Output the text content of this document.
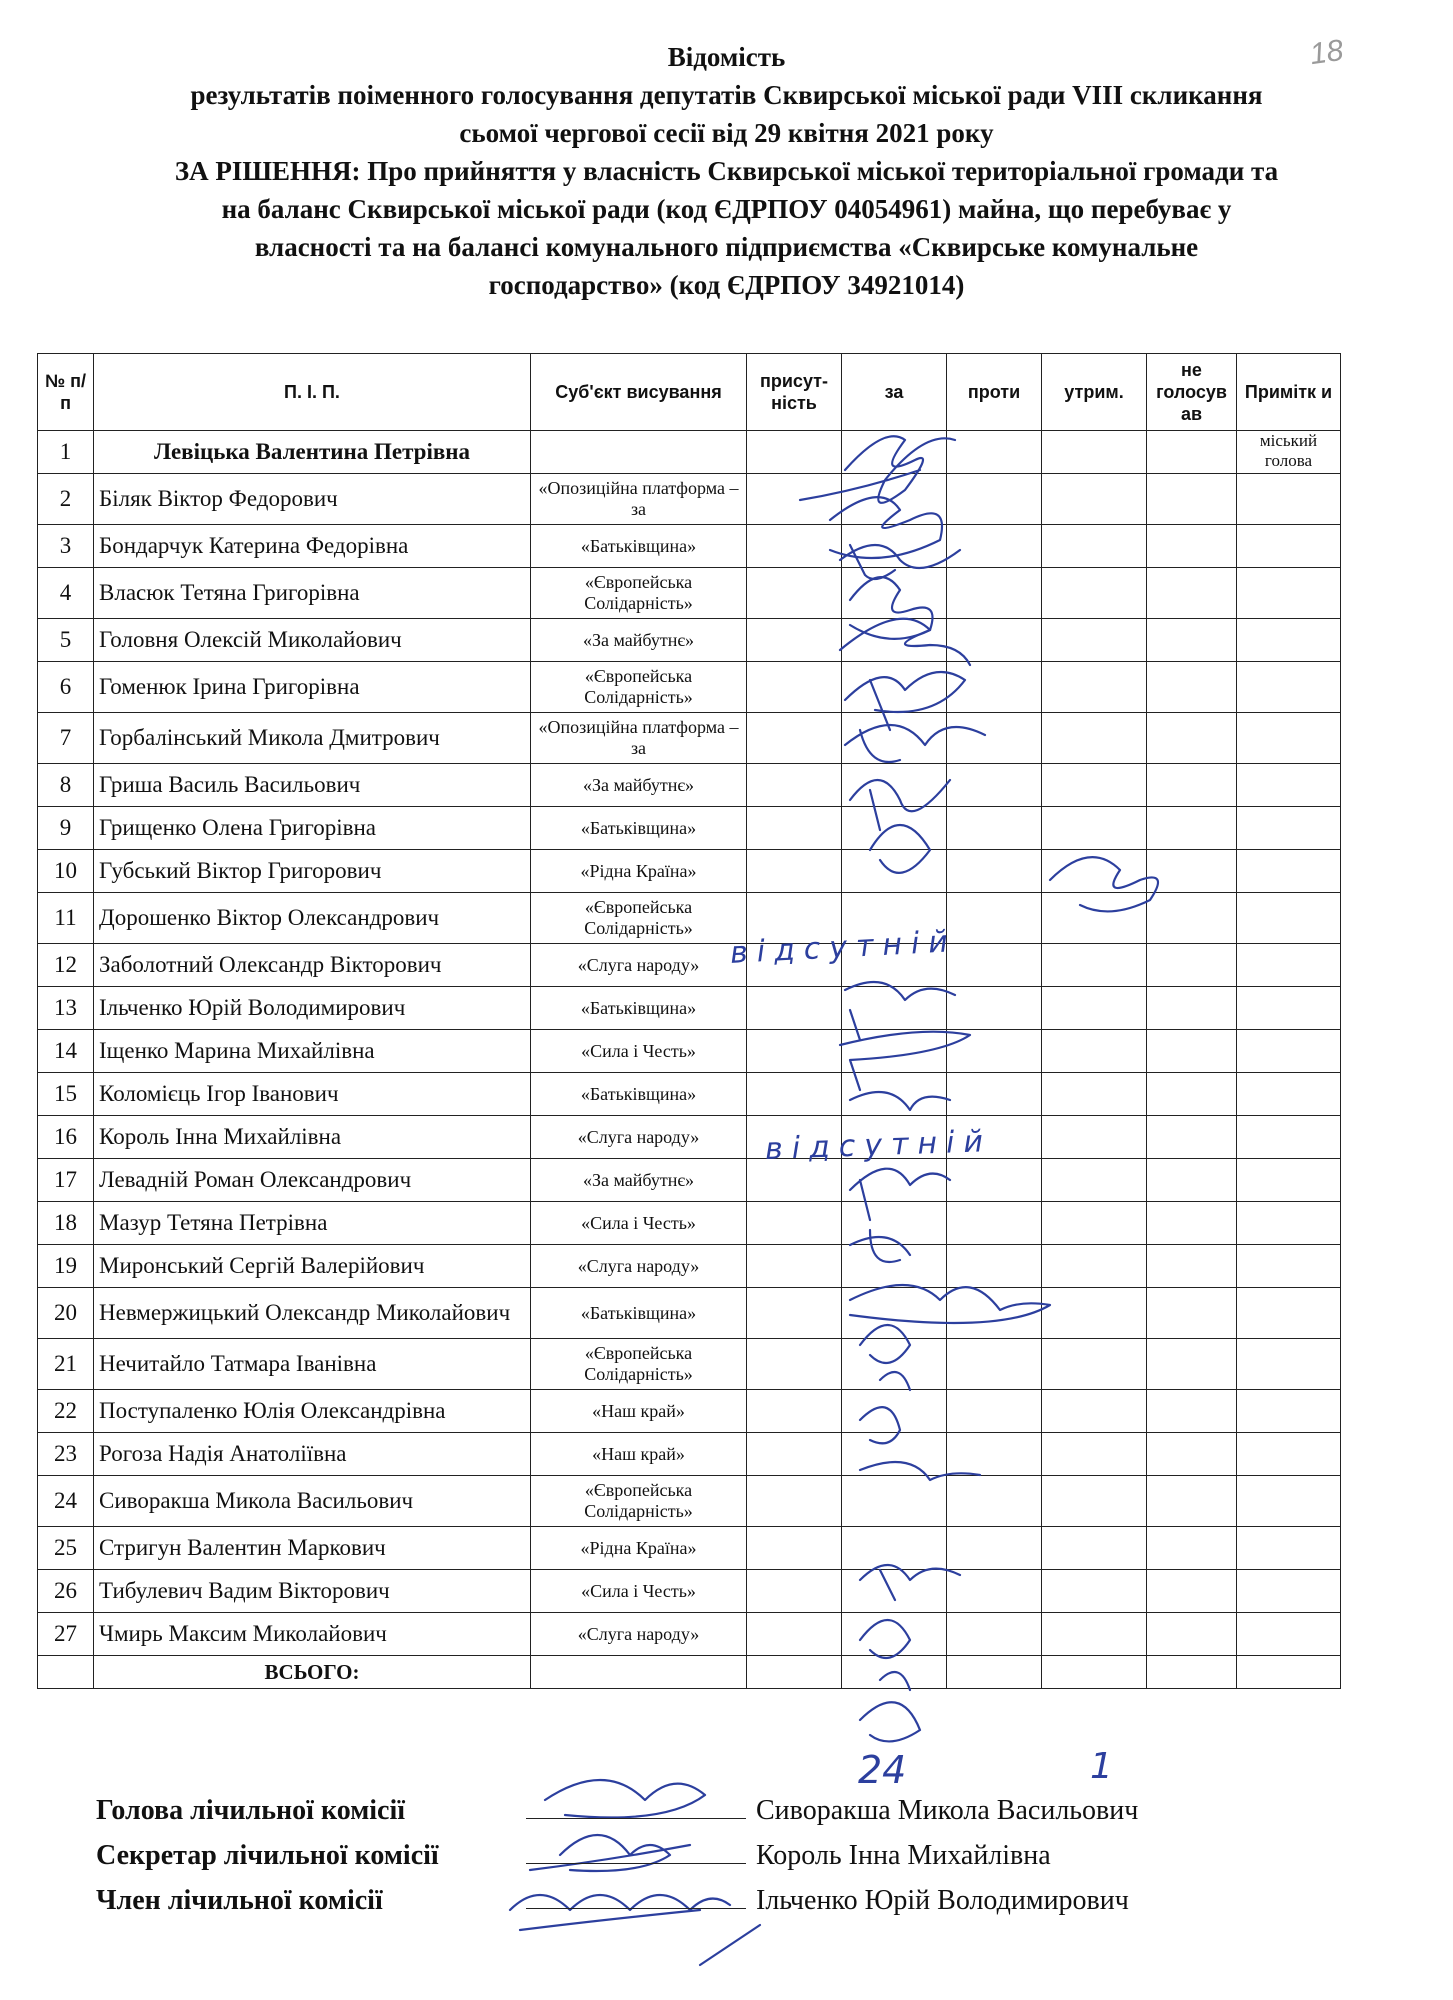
18
Відомість
результатів поіменного голосування депутатів Сквирської міської ради VIII скликання
сьомої чергової сесії від 29 квітня 2021 року
ЗА РІШЕННЯ: Про прийняття у власність Сквирської міської територіальної громади та
на баланс Сквирської міської ради (код ЄДРПОУ 04054961) майна, що перебуває у
власності та на балансі комунального підприємства «Сквирське комунальне
господарство» (код ЄДРПОУ 34921014)
№ п/п	П. І. П.	Суб'єкт висування	присут-ність	за	проти	утрим.	не голосув ав	Примітк и
1	Левіцька Валентина Петрівна							міський голова
2	Біляк Віктор Федорович	«Опозиційна платформа – за						
3	Бондарчук Катерина Федорівна	«Батьківщина»						
4	Власюк Тетяна Григорівна	«Європейська Солідарність»						
5	Головня Олексій Миколайович	«За майбутнє»						
6	Гоменюк Ірина Григорівна	«Європейська Солідарність»						
7	Горбалінський Микола Дмитрович	«Опозиційна платформа – за						
8	Гриша Василь Васильович	«За майбутнє»						
9	Грищенко Олена Григорівна	«Батьківщина»						
10	Губський Віктор Григорович	«Рідна Країна»						
11	Дорошенко Віктор Олександрович	«Європейська Солідарність»						
12	Заболотний Олександр Вікторович	«Слуга народу»						
13	Ільченко Юрій Володимирович	«Батьківщина»						
14	Іщенко Марина Михайлівна	«Сила і Честь»						
15	Коломієць Ігор Іванович	«Батьківщина»						
16	Король Інна Михайлівна	«Слуга народу»						
17	Левадній Роман Олександрович	«За майбутнє»						
18	Мазур Тетяна Петрівна	«Сила і Честь»						
19	Миронський Сергій Валерійович	«Слуга народу»						
20	Невмержицький Олександр Миколайович	«Батьківщина»						
21	Нечитайло Татмара Іванівна	«Європейська Солідарність»						
22	Поступаленко Юлія Олександрівна	«Наш край»						
23	Рогоза Надія Анатоліївна	«Наш край»						
24	Сиворакша Микола Васильович	«Європейська Солідарність»						
25	Стригун Валентин Маркович	«Рідна Країна»						
26	Тибулевич Вадим Вікторович	«Сила і Честь»						
27	Чмирь Максим Миколайович	«Слуга народу»						
	ВСЬОГО:							
24	1
відсутній
відсутній
Голова лічильної комісії	Сиворакша Микола Васильович
Секретар лічильної комісії	Король Інна Михайлівна
Член лічильної комісії	Ільченко Юрій Володимирович
